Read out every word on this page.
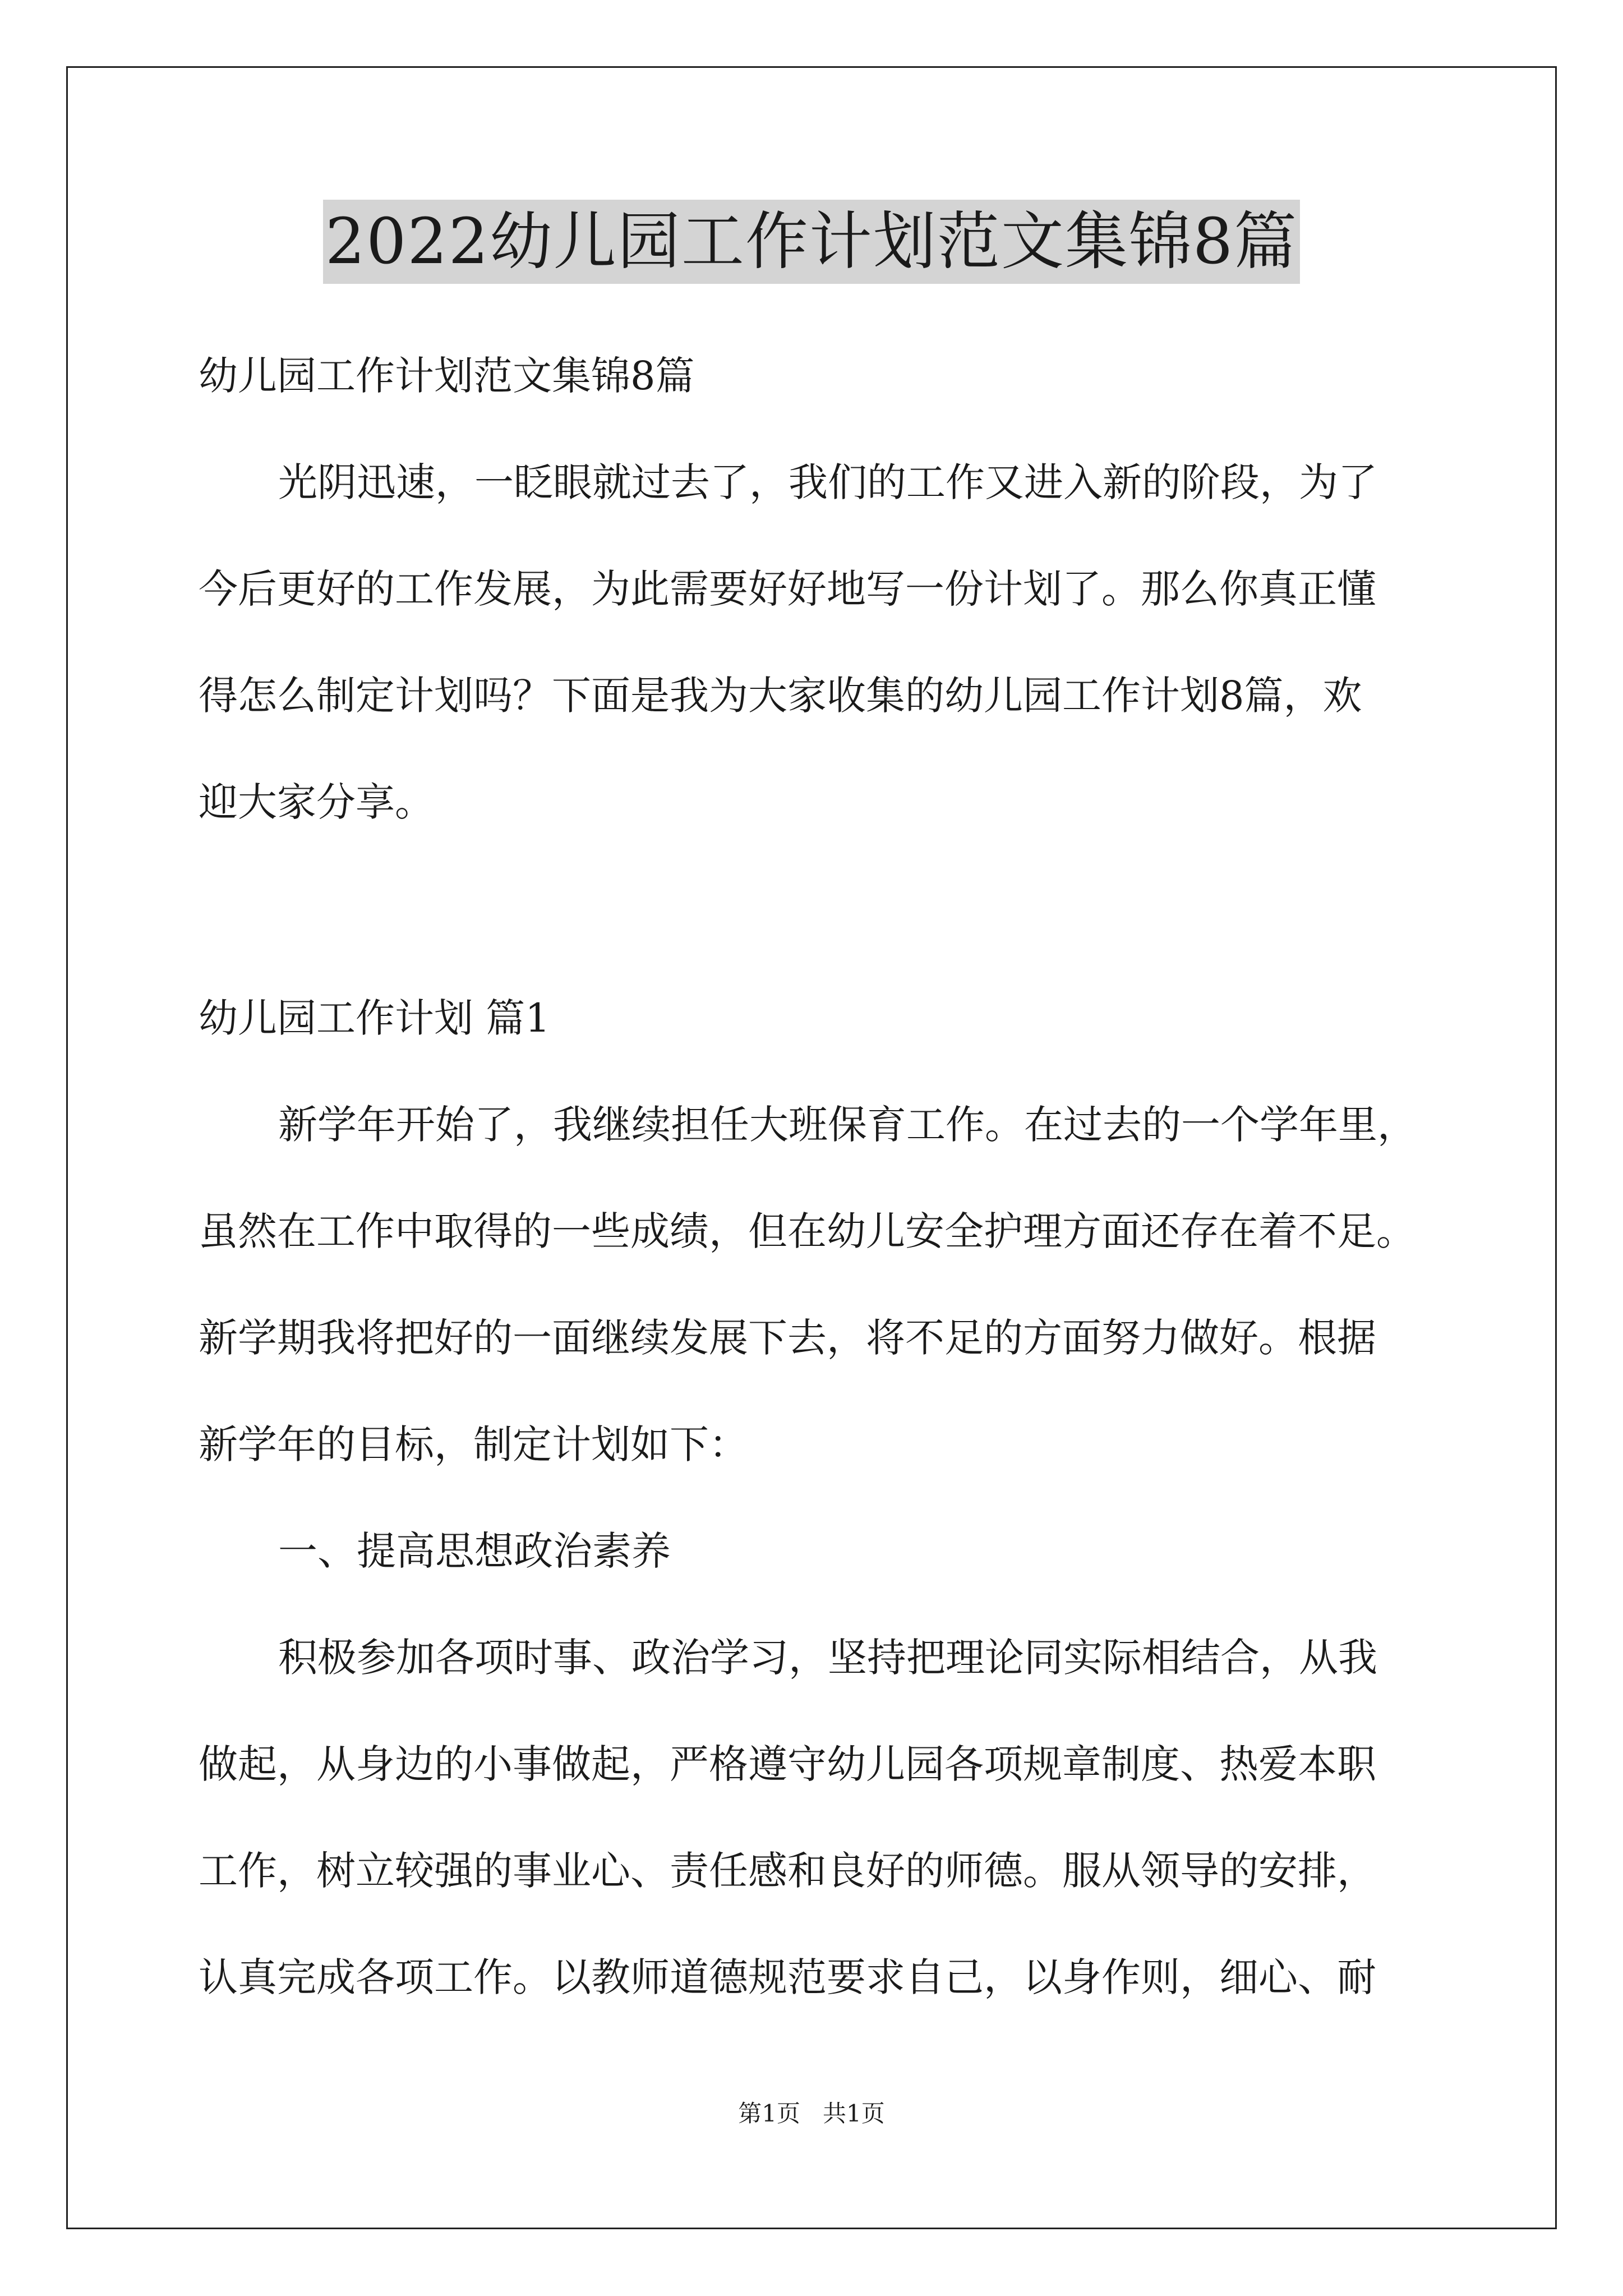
2022幼儿园工作计划范文集锦8篇
幼儿园工作计划范文集锦8篇
光阴迅速，一眨眼就过去了，我们的工作又进入新的阶段，为了
今后更好的工作发展，为此需要好好地写一份计划了。那么你真正懂
得怎么制定计划吗？下面是我为大家收集的幼儿园工作计划8篇，欢
迎大家分享。
幼儿园工作计划 篇1
新学年开始了，我继续担任大班保育工作。在过去的一个学年里，
虽然在工作中取得的一些成绩，但在幼儿安全护理方面还存在着不足。
新学期我将把好的一面继续发展下去，将不足的方面努力做好。根据
新学年的目标，制定计划如下：
一、提高思想政治素养
积极参加各项时事、政治学习，坚持把理论同实际相结合，从我
做起，从身边的小事做起，严格遵守幼儿园各项规章制度、热爱本职
工作，树立较强的事业心、责任感和良好的师德。服从领导的安排，
认真完成各项工作。以教师道德规范要求自己，以身作则，细心、耐
第1页   共1页
